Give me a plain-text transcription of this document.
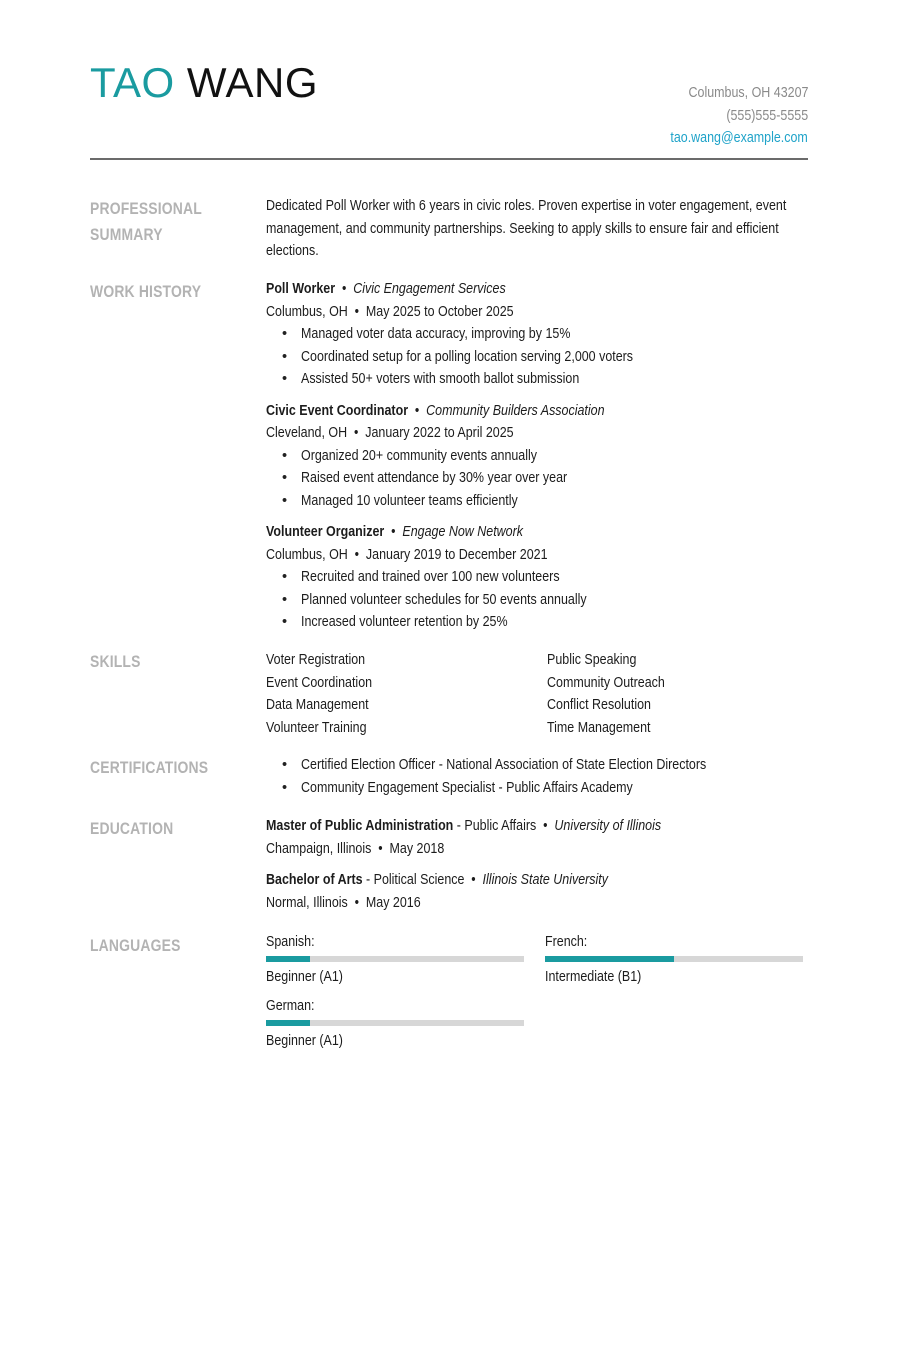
TAO WANG	Columbus, OH 43207
(555)555-5555
tao.wang@example.com
PROFESSIONAL
SUMMARY
Dedicated Poll Worker with 6 years in civic roles. Proven expertise in voter engagement, event
management, and community partnerships. Seeking to apply skills to ensure fair and efficient
elections.
WORK HISTORY	Poll Worker • Civic Engagement Services
Columbus, OH • May 2025 to October 2025
• Managed voter data accuracy, improving by 15%
• Coordinated setup for a polling location serving 2,000 voters
• Assisted 50+ voters with smooth ballot submission
Civic Event Coordinator • Community Builders Association
Cleveland, OH • January 2022 to April 2025
• Organized 20+ community events annually
• Raised event attendance by 30% year over year
• Managed 10 volunteer teams efficiently
Volunteer Organizer • Engage Now Network
Columbus, OH • January 2019 to December 2021
• Recruited and trained over 100 new volunteers
• Planned volunteer schedules for 50 events annually
• Increased volunteer retention by 25%
SKILLS	Voter Registration	Public Speaking
Event Coordination	Community Outreach
Data Management	Conflict Resolution
Volunteer Training	Time Management
CERTIFICATIONS
•	Certified Election Officer - National Association of State Election Directors
• Community Engagement Specialist - Public Affairs Academy
EDUCATION	Master of Public Administration - Public Affairs • University of Illinois
Champaign, Illinois • May 2018
Bachelor of Arts - Political Science • Illinois State University
Normal, Illinois • May 2016
LANGUAGES	Spanish:
Beginner (A1)
French:
Intermediate (B1)
German:
Beginner (A1)
